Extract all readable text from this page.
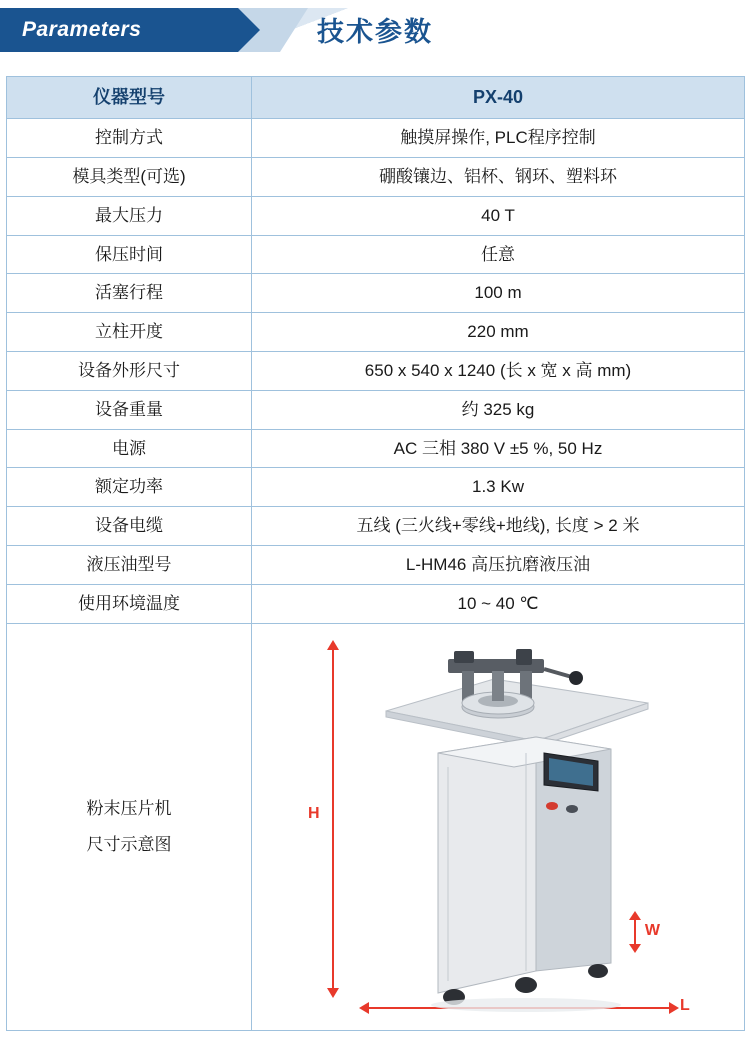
Parameters	技术参数
仪器型号	PX-40
控制方式	触摸屏操作, PLC程序控制
模具类型(可选)	硼酸镶边、铝杯、钢环、塑料环
最大压力	40 T
保压时间	任意
活塞行程	100 m
立柱开度	220 mm
设备外形尺寸	650 x 540 x 1240 (长 x 宽 x 高 mm)
设备重量	约 325 kg
电源	AC 三相 380 V ±5 %, 50 Hz
额定功率	1.3 Kw
设备电缆	五线 (三火线+零线+地线), 长度 > 2 米
液压油型号	L-HM46 高压抗磨液压油
使用环境温度	10 ~ 40 ℃

粉末压片机
尺寸示意图

H
L
W
